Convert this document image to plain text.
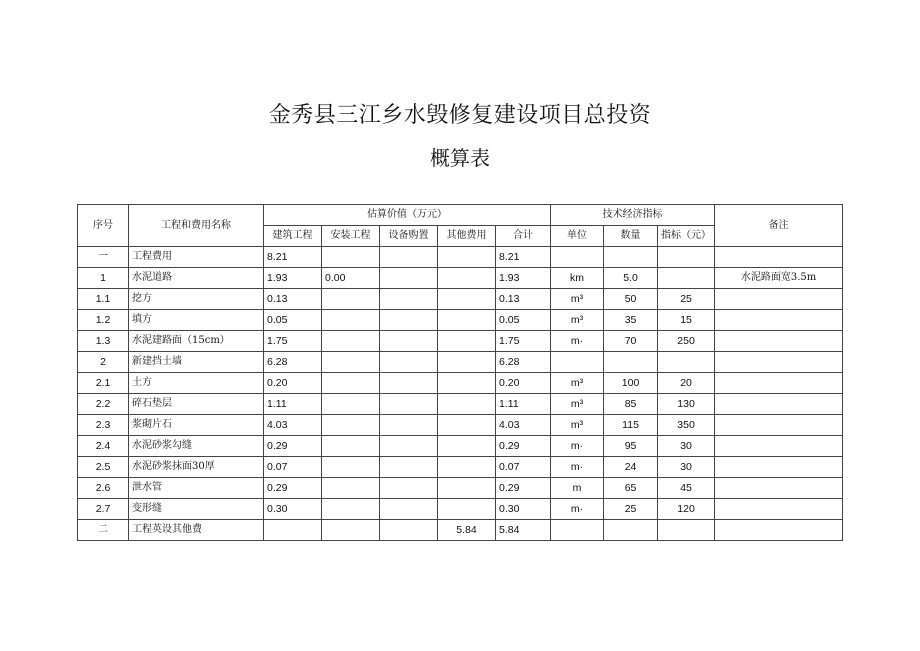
金秀县三江乡水毁修复建设项目总投资
概算表
序号	工程和费用名称	估算价值（万元）					技术经济指标			备注
		建筑工程	安装工程	设备购置	其他费用	合计	单位	数量	指标（元）	
一	工程费用	8.21				8.21				
1	水泥道路	1.93	0.00			1.93	km	5.0		水泥路面宽3.5m
1.1	挖方	0.13				0.13	m³	50	25	
1.2	填方	0.05				0.05	m³	35	15	
1.3	水泥建路面（15cm）	1.75				1.75	m·	70	250	
2	新建挡土墙	6.28				6.28				
2.1	土方	0.20				0.20	m³	100	20	
2.2	碎石垫层	1.11				1.11	m³	85	130	
2.3	浆砌片石	4.03				4.03	m³	115	350	
2.4	水泥砂浆勾缝	0.29				0.29	m·	95	30	
2.5	水泥砂浆抹面30厚	0.07				0.07	m·	24	30	
2.6	泄水管	0.29				0.29	m	65	45	
2.7	变形缝	0.30				0.30	m·	25	120	
二	工程英设其他费				5.84	5.84				
